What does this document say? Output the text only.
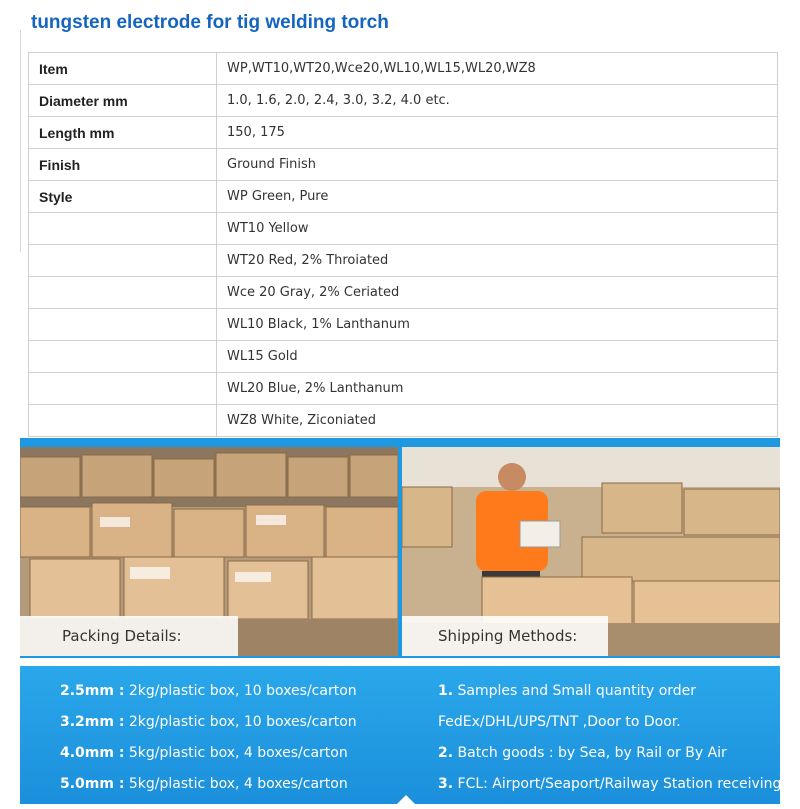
tungsten electrode for tig welding torch
Item	WP,WT10,WT20,Wce20,WL10,WL15,WL20,WZ8
Diameter mm	1.0, 1.6, 2.0, 2.4, 3.0, 3.2, 4.0 etc.
Length mm	150, 175
Finish	Ground Finish
Style	WP Green, Pure
	WT10 Yellow
	WT20 Red, 2% Throiated
	Wce 20 Gray, 2% Ceriated
	WL10 Black, 1% Lanthanum
	WL15 Gold
	WL20 Blue, 2% Lanthanum
	WZ8 White, Ziconiated
Packing Details:	Shipping Methods:
2.5mm : 2kg/plastic box, 10 boxes/carton
3.2mm : 2kg/plastic box, 10 boxes/carton
4.0mm : 5kg/plastic box, 4 boxes/carton
5.0mm : 5kg/plastic box, 4 boxes/carton
1. Samples and Small quantity order
FedEx/DHL/UPS/TNT ,Door to Door.
2. Batch goods : by Sea, by Rail or By Air
3. FCL: Airport/Seaport/Railway Station receiving
